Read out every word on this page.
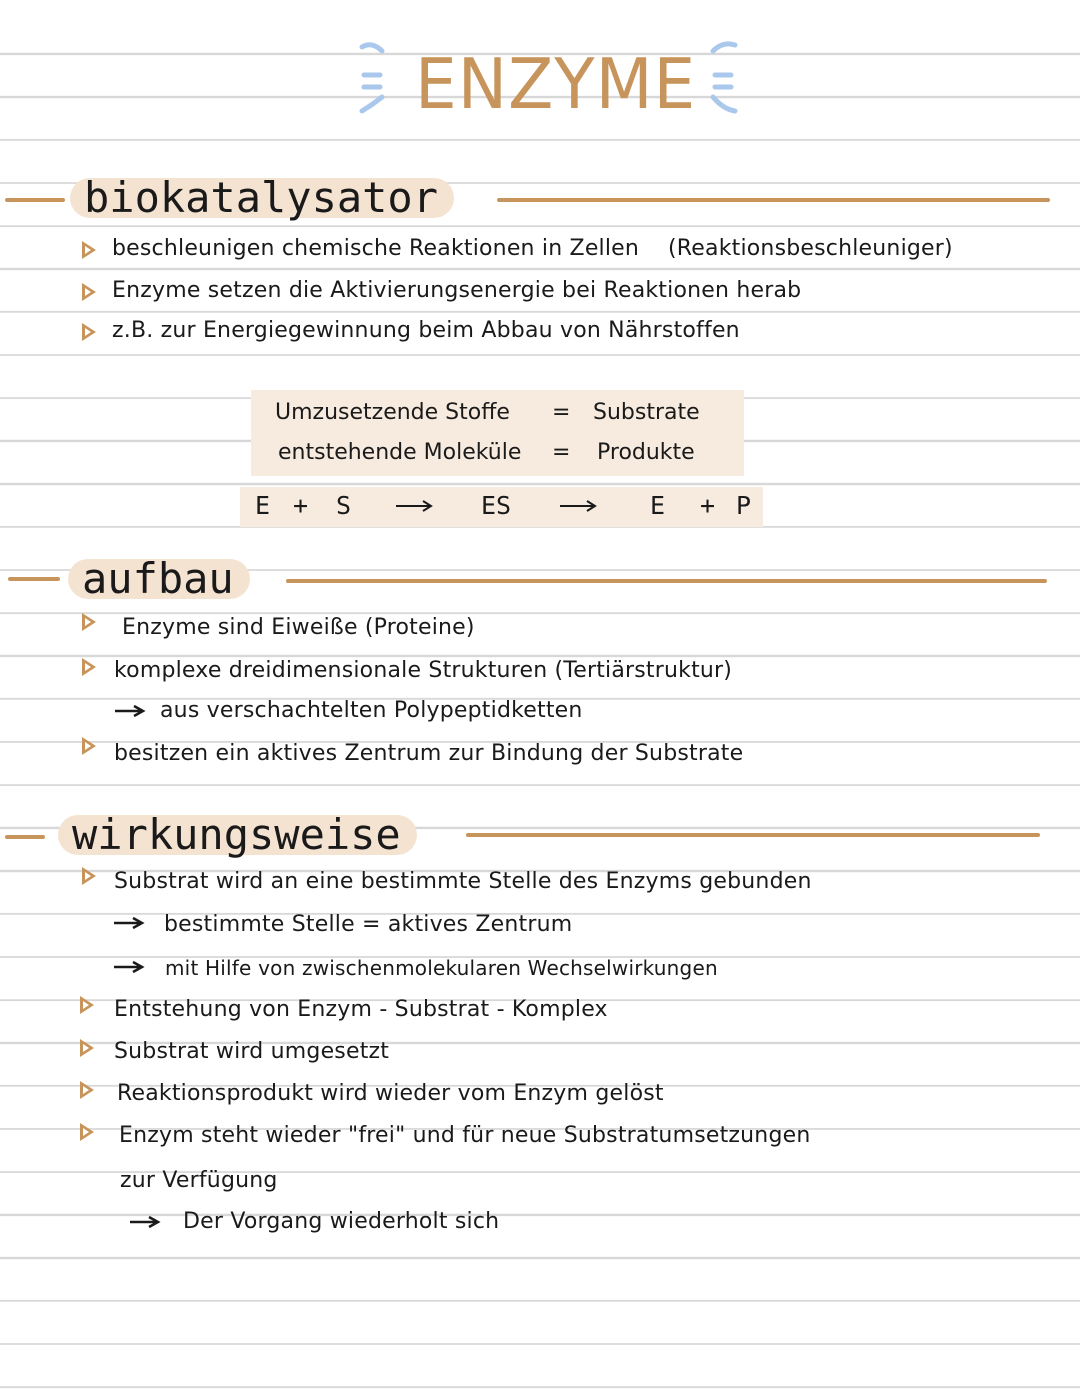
ENZYME
biokatalysator
beschleunigen chemische Reaktionen in Zellen (Reaktionsbeschleuniger)
Enzyme setzen die Aktivierungsenergie bei Reaktionen herab
z.B. zur Energiegewinnung beim Abbau von Nährstoffen
Umzusetzende Stoffe = Substrate
entstehende Moleküle = Produkte
E + S	ES	E + P
aufbau
Enzyme sind Eiweiße (Proteine)
komplexe dreidimensionale Strukturen (Tertiärstruktur)
aus verschachtelten Polypeptidketten
besitzen ein aktives Zentrum zur Bindung der Substrate
wirkungsweise
Substrat wird an eine bestimmte Stelle des Enzyms gebunden
bestimmte Stelle = aktives Zentrum
mit Hilfe von zwischenmolekularen Wechselwirkungen
Entstehung von Enzym - Substrat - Komplex
Substrat wird umgesetzt
Reaktionsprodukt wird wieder vom Enzym gelöst
Enzym steht wieder "frei" und für neue Substratumsetzungen
zur Verfügung
Der Vorgang wiederholt sich
